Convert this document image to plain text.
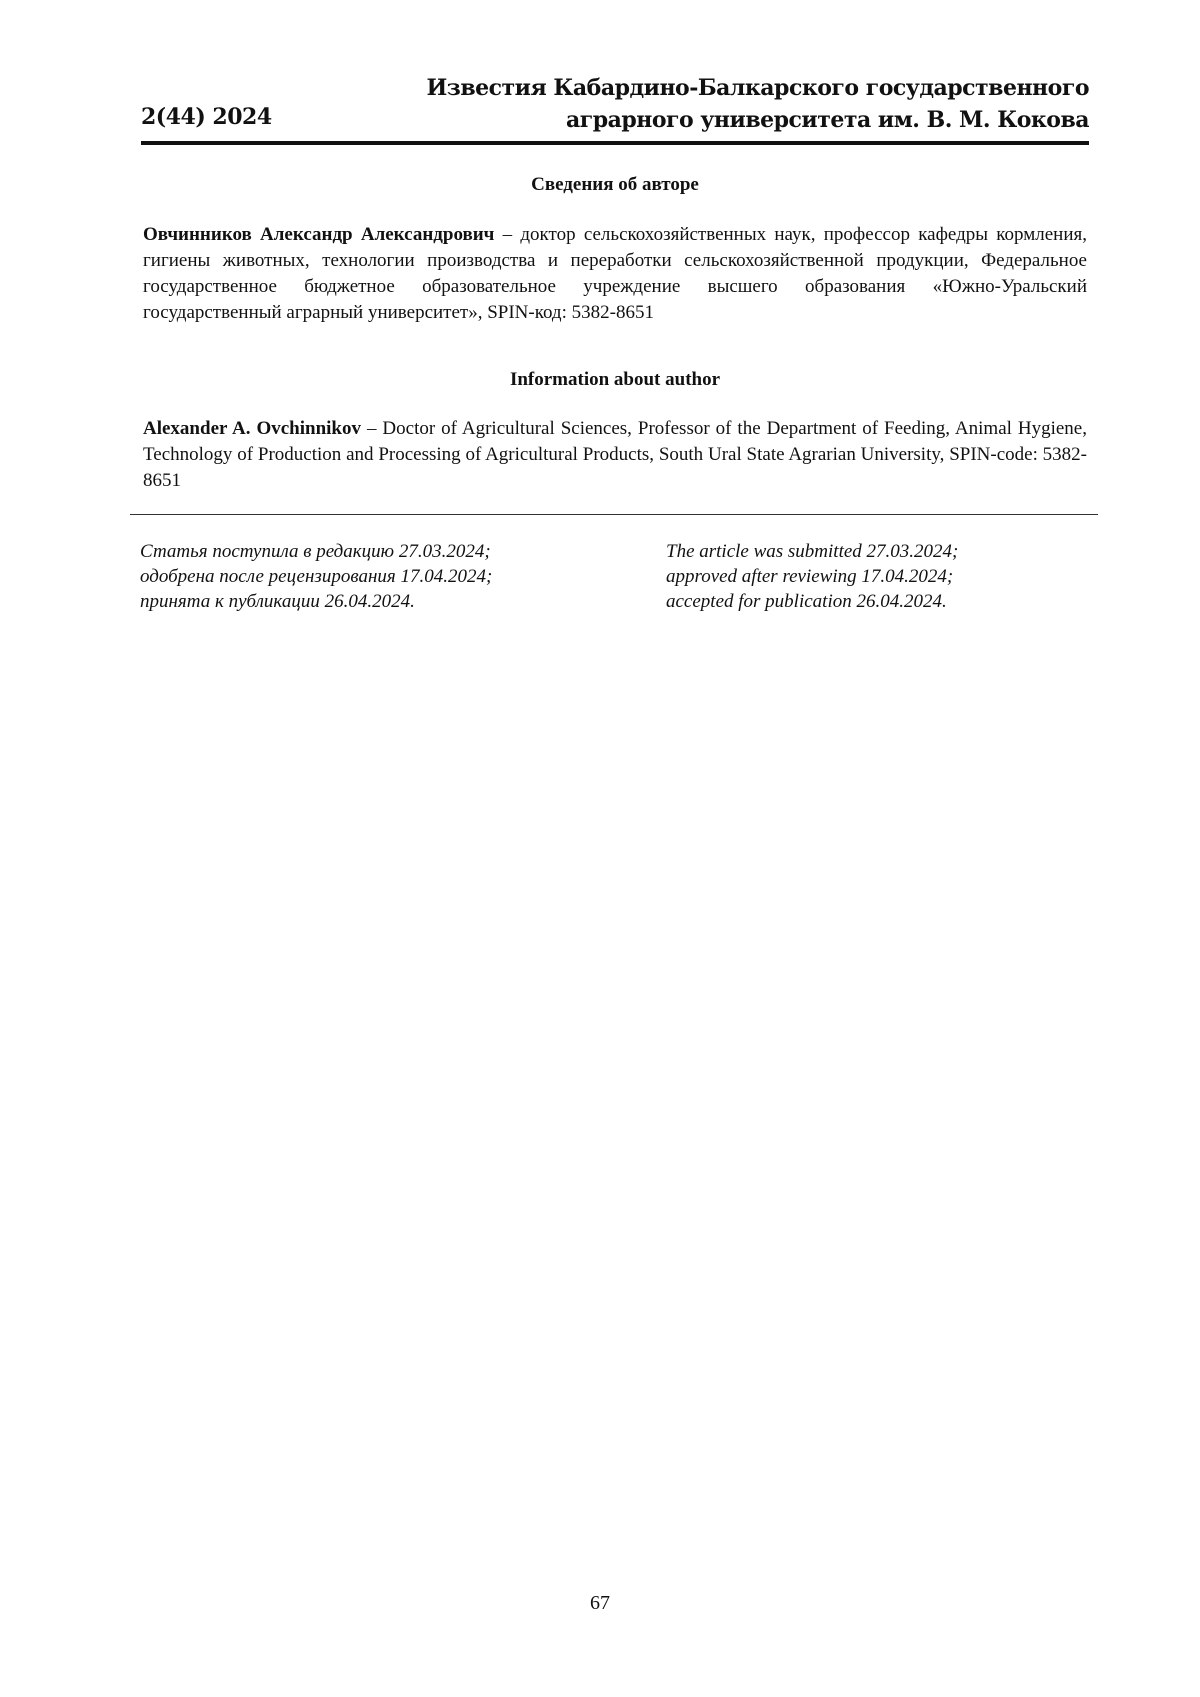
2(44) 2024
Известия Кабардино-Балкарского государственного
аграрного университета им. В. М. Кокова
Сведения об авторе
Овчинников Александр Александрович – доктор сельскохозяйственных наук, профессор кафедры кормления, гигиены животных, технологии производства и переработки сельскохозяйственной продукции, Федеральное государственное бюджетное образовательное учреждение высшего образования «Южно-Уральский государственный аграрный университет», SPIN-код: 5382-8651
Information about author
Alexander A. Ovchinnikov – Doctor of Agricultural Sciences, Professor of the Department of Feeding, Animal Hygiene, Technology of Production and Processing of Agricultural Products, South Ural State Agrarian University, SPIN-code: 5382-8651
Статья поступила в редакцию 27.03.2024;
одобрена после рецензирования 17.04.2024;
принята к публикации 26.04.2024.
The article was submitted 27.03.2024;
approved after reviewing 17.04.2024;
accepted for publication 26.04.2024.
67
